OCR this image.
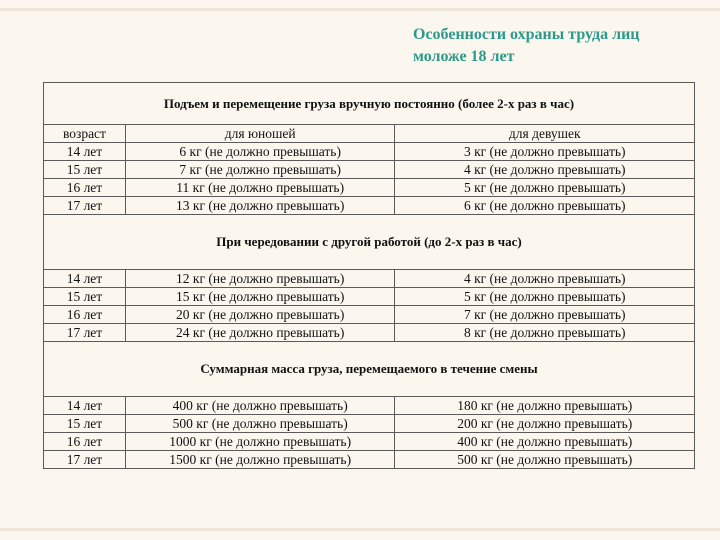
Особенности охраны труда лиц
моложе 18 лет
Подъем и перемещение груза вручную постоянно (более 2-х раз в час)		
возраст	для юношей	для девушек
14 лет	6 кг (не должно превышать)	3 кг (не должно превышать)
15 лет	7 кг (не должно превышать)	4 кг (не должно превышать)
16 лет	11 кг (не должно превышать)	5 кг (не должно превышать)
17 лет	13 кг (не должно превышать)	6 кг (не должно превышать)
При чередовании с другой работой (до 2-х раз в час)		
14 лет	12 кг (не должно превышать)	4 кг (не должно превышать)
15 лет	15 кг (не должно превышать)	5 кг (не должно превышать)
16 лет	20 кг (не должно превышать)	7 кг (не должно превышать)
17 лет	24 кг (не должно превышать)	8 кг (не должно превышать)
Суммарная масса груза, перемещаемого в течение смены		
14 лет	400 кг (не должно превышать)	180 кг (не должно превышать)
15 лет	500 кг (не должно превышать)	200 кг (не должно превышать)
16 лет	1000 кг (не должно превышать)	400 кг (не должно превышать)
17 лет	1500 кг (не должно превышать)	500 кг (не должно превышать)
